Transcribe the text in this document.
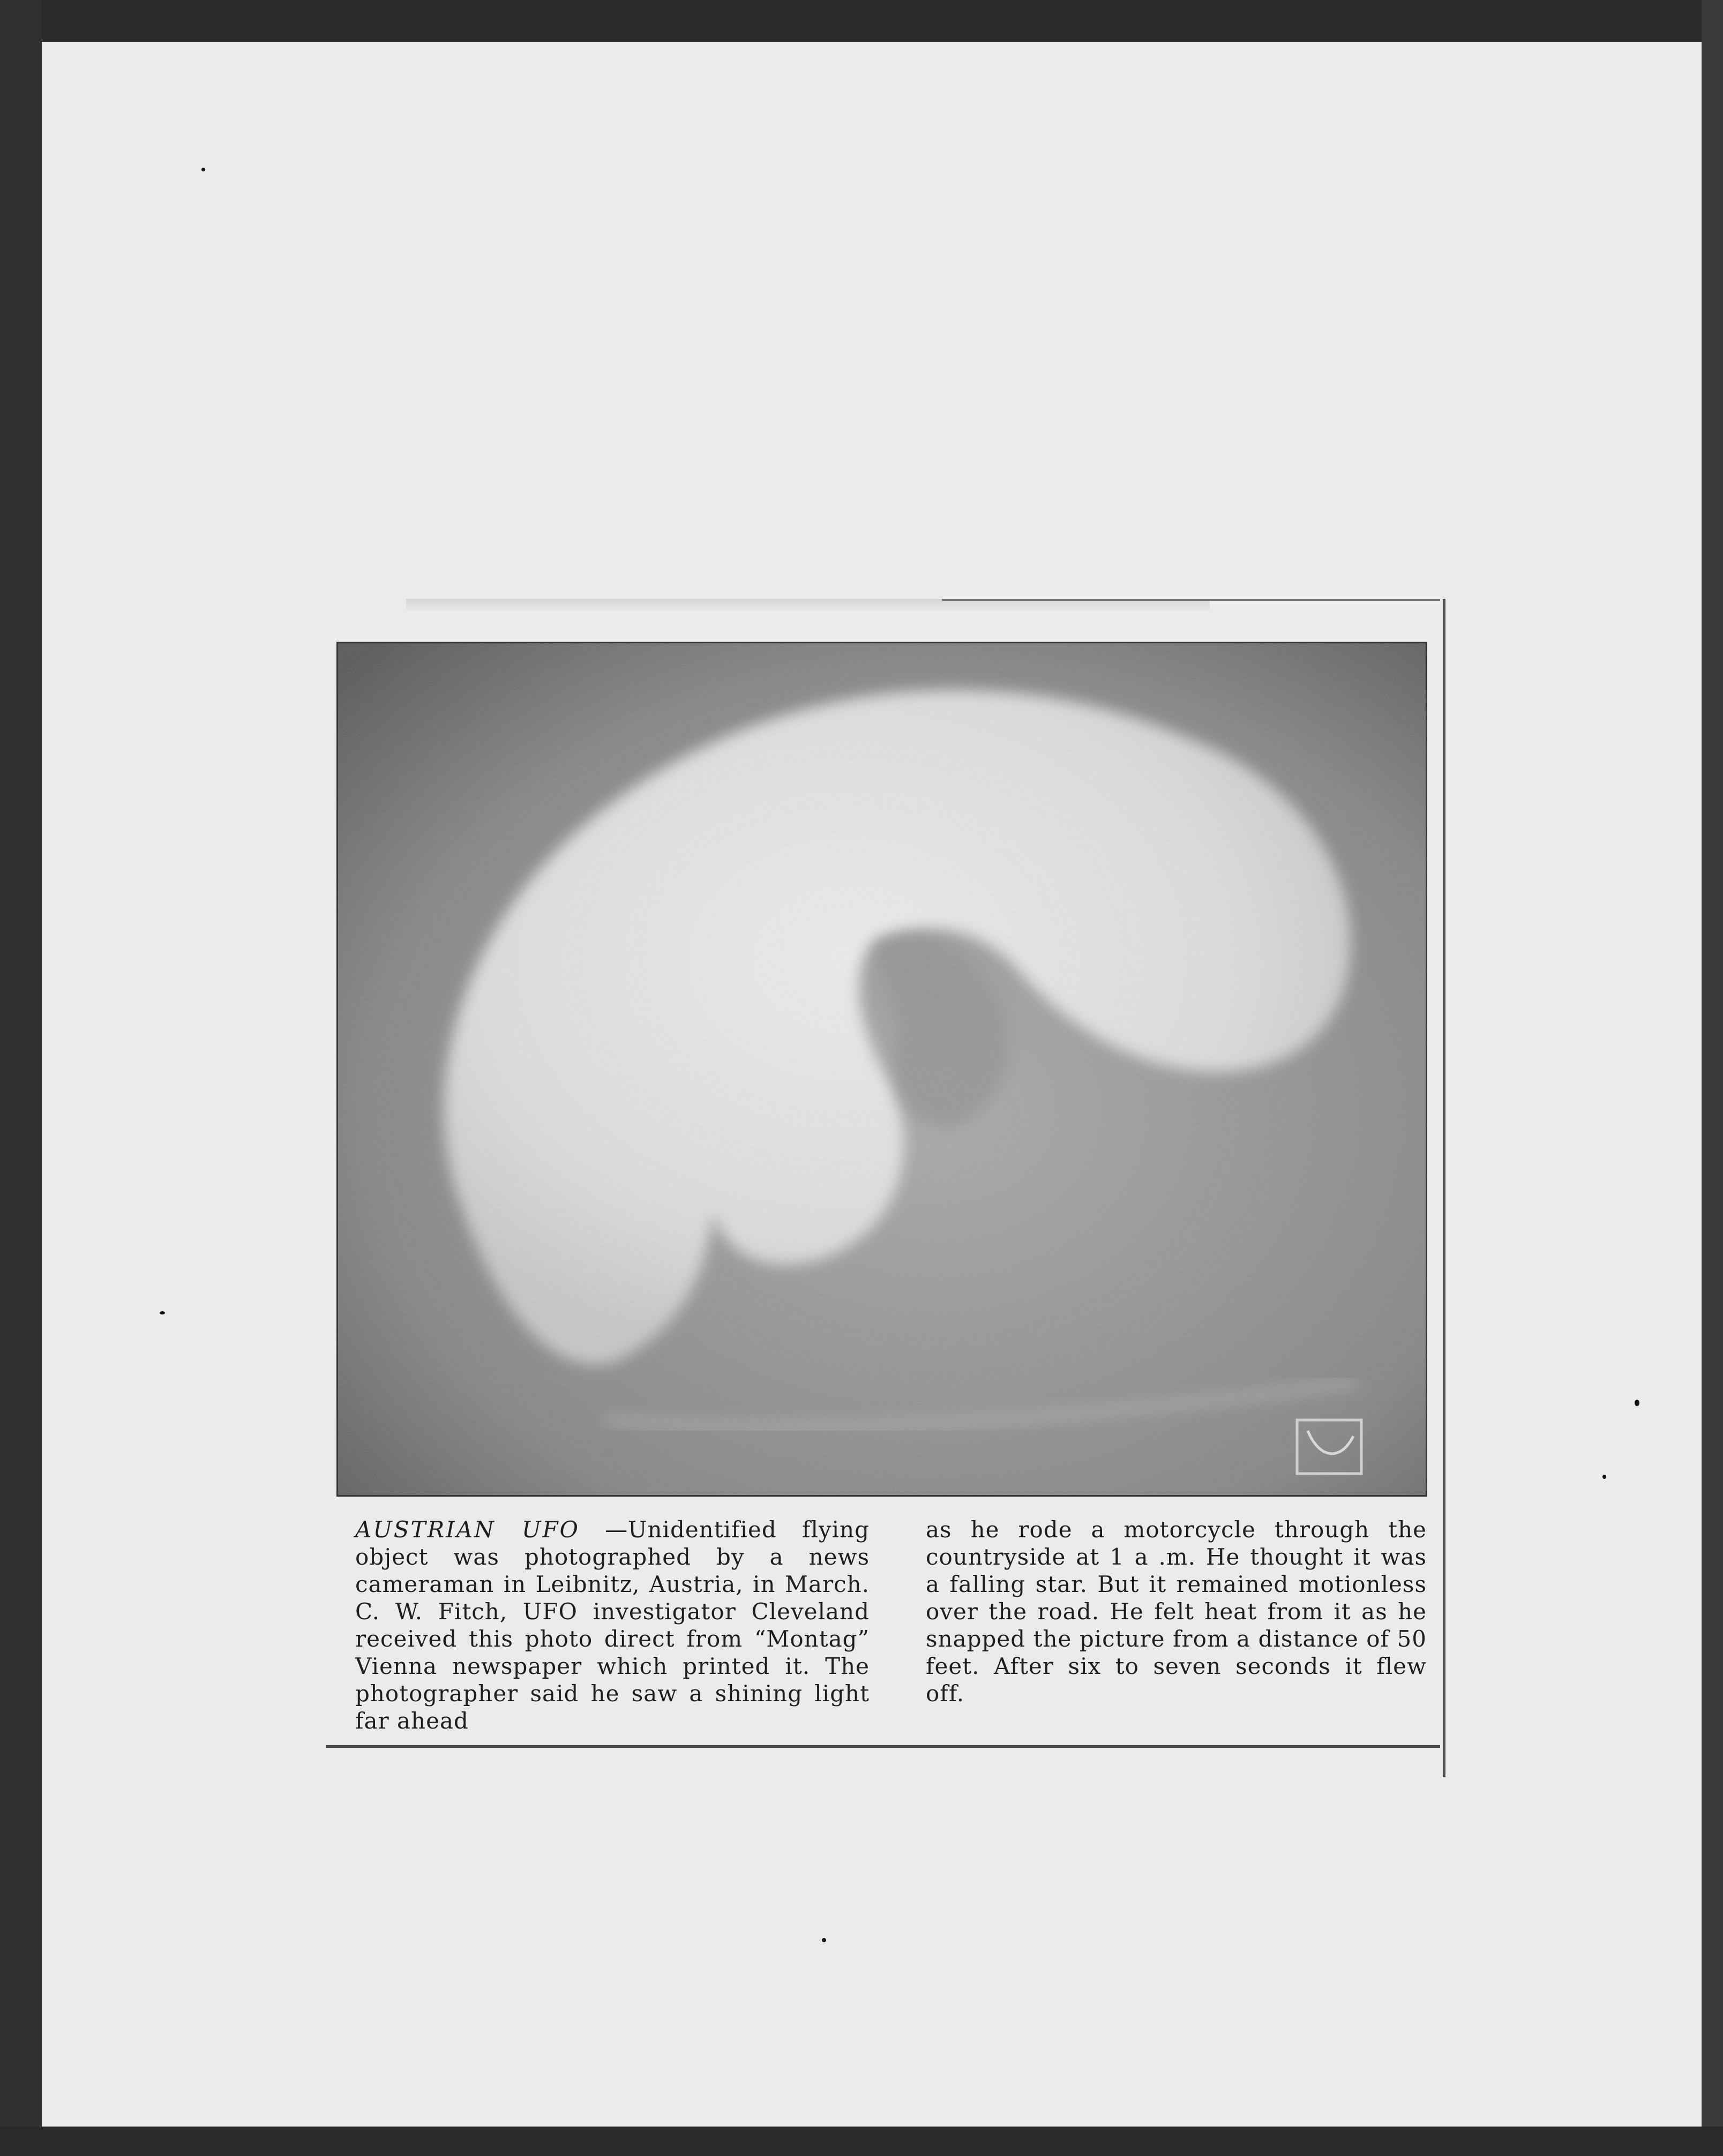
AUSTRIAN UFO —Unidentified flying object was photographed by a news cameraman in Leibnitz, Austria, in March. C. W. Fitch, UFO investigator Cleveland received this photo direct from “Montag” Vienna newspaper which printed it. The photographer said he saw a shining light far ahead
as he rode a motorcycle through the countryside at 1 a .m. He thought it was a falling star. But it remained motionless over the road. He felt heat from it as he snapped the picture from a distance of 50 feet. After six to seven seconds it flew off.
